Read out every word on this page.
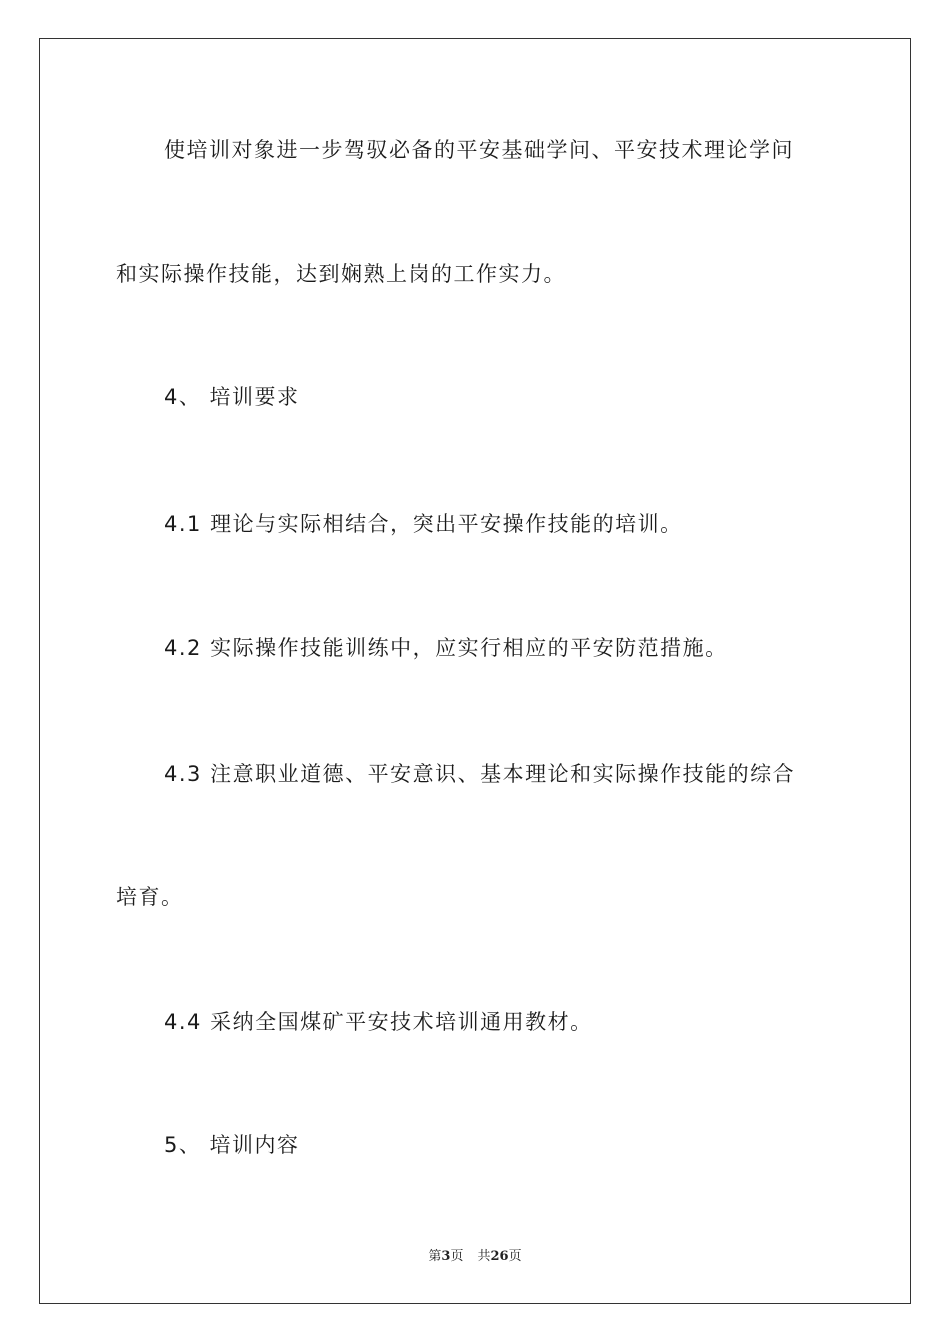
使培训对象进一步驾驭必备的平安基础学问、平安技术理论学问
和实际操作技能，达到娴熟上岗的工作实力。
4、 培训要求
4.1 理论与实际相结合，突出平安操作技能的培训。
4.2 实际操作技能训练中，应实行相应的平安防范措施。
4.3 注意职业道德、平安意识、基本理论和实际操作技能的综合
培育。
4.4 采纳全国煤矿平安技术培训通用教材。
5、 培训内容
第3页 共26页
